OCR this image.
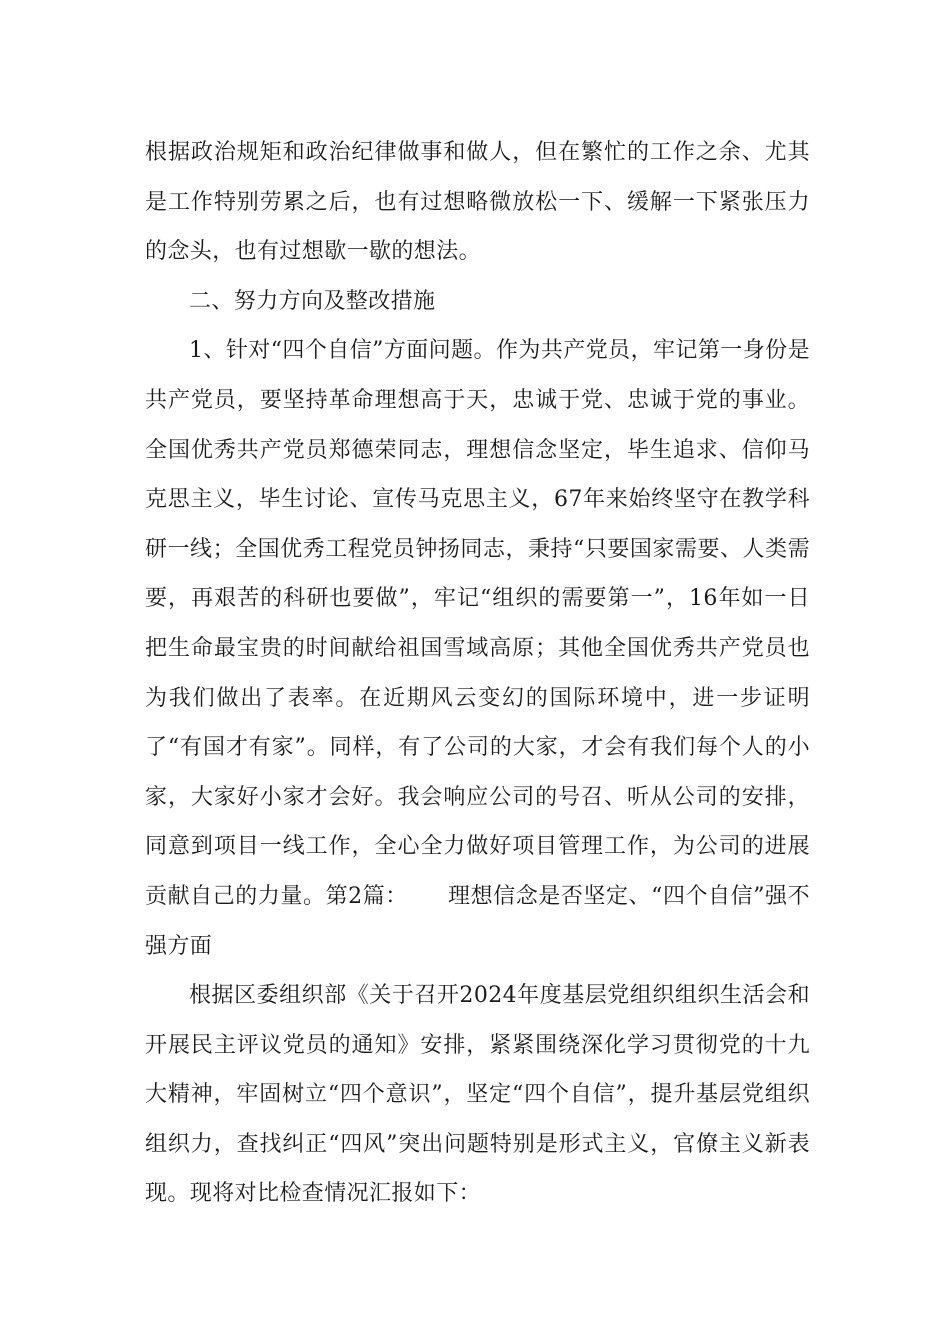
根据政治规矩和政治纪律做事和做人，但在繁忙的工作之余、尤其是工作特别劳累之后，也有过想略微放松一下、缓解一下紧张压力的念头，也有过想歇一歇的想法。

二、努力方向及整改措施

1、针对“四个自信”方面问题。作为共产党员，牢记第一身份是共产党员，要坚持革命理想高于天，忠诚于党、忠诚于党的事业。全国优秀共产党员郑德荣同志，理想信念坚定，毕生追求、信仰马克思主义，毕生讨论、宣传马克思主义，67年来始终坚守在教学科研一线；全国优秀工程党员钟扬同志，秉持“只要国家需要、人类需要，再艰苦的科研也要做”，牢记“组织的需要第一”，16年如一日把生命最宝贵的时间献给祖国雪域高原；其他全国优秀共产党员也为我们做出了表率。在近期风云变幻的国际环境中，进一步证明了“有国才有家”。同样，有了公司的大家，才会有我们每个人的小家，大家好小家才会好。我会响应公司的号召、听从公司的安排，同意到项目一线工作，全心全力做好项目管理工作，为公司的进展贡献自己的力量。第2篇： 理想信念是否坚定、“四个自信”强不强方面

根据区委组织部《关于召开2024年度基层党组织组织生活会和开展民主评议党员的通知》安排，紧紧围绕深化学习贯彻党的十九大精神，牢固树立“四个意识”，坚定“四个自信”，提升基层党组织组织力，查找纠正“四风”突出问题特别是形式主义，官僚主义新表现。现将对比检查情况汇报如下：
